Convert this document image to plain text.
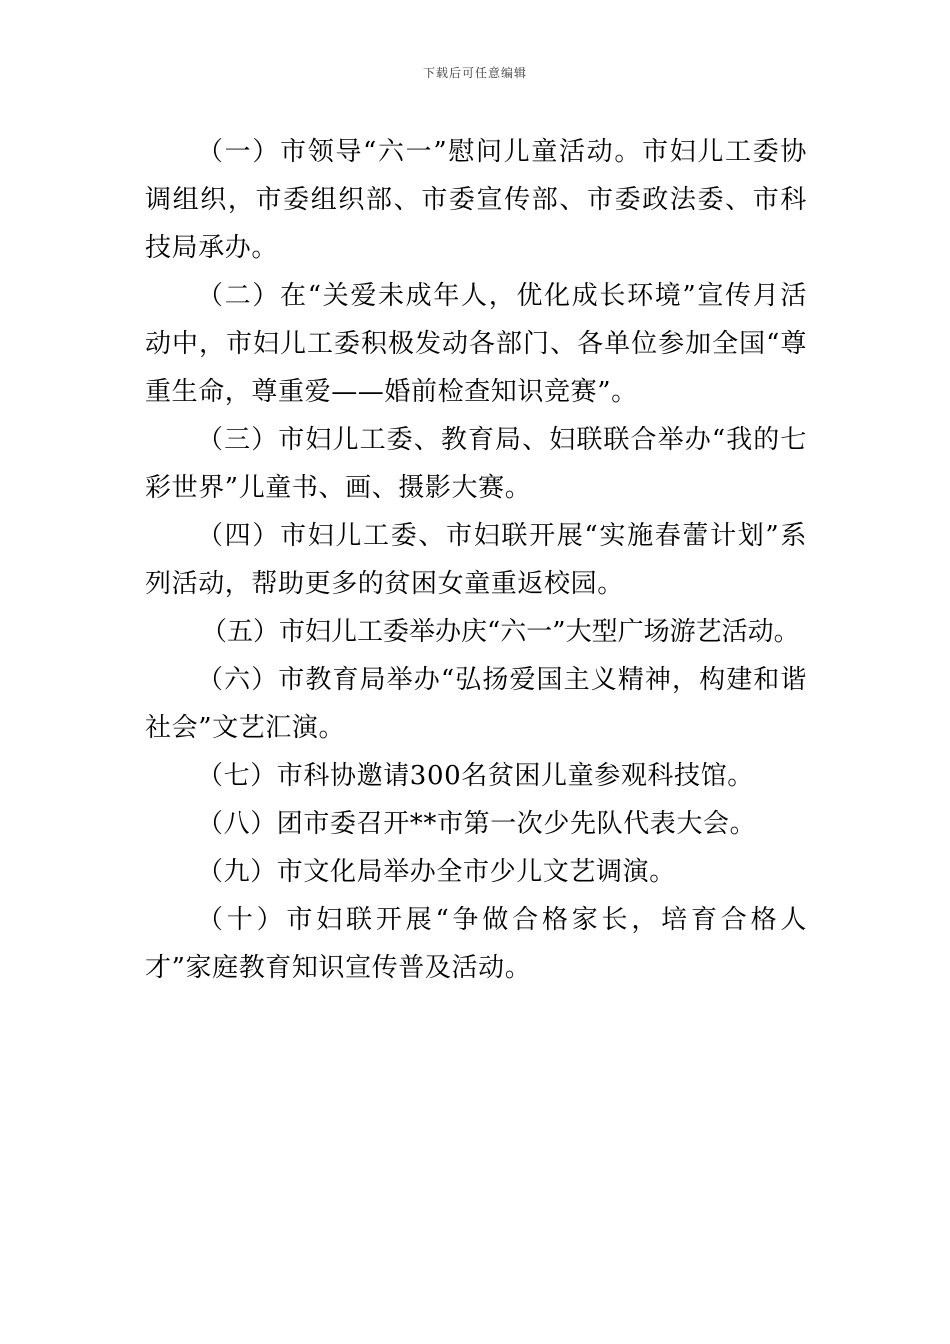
下载后可任意编辑

（一）市领导“六一”慰问儿童活动。市妇儿工委协调组织，市委组织部、市委宣传部、市委政法委、市科技局承办。

（二）在“关爱未成年人，优化成长环境”宣传月活动中，市妇儿工委积极发动各部门、各单位参加全国“尊重生命，尊重爱——婚前检查知识竞赛”。

（三）市妇儿工委、教育局、妇联联合举办“我的七彩世界”儿童书、画、摄影大赛。

（四）市妇儿工委、市妇联开展“实施春蕾计划”系列活动，帮助更多的贫困女童重返校园。

（五）市妇儿工委举办庆“六一”大型广场游艺活动。

（六）市教育局举办“弘扬爱国主义精神，构建和谐社会”文艺汇演。

（七）市科协邀请300名贫困儿童参观科技馆。

（八）团市委召开**市第一次少先队代表大会。

（九）市文化局举办全市少儿文艺调演。

（十）市妇联开展“争做合格家长，培育合格人才”家庭教育知识宣传普及活动。
